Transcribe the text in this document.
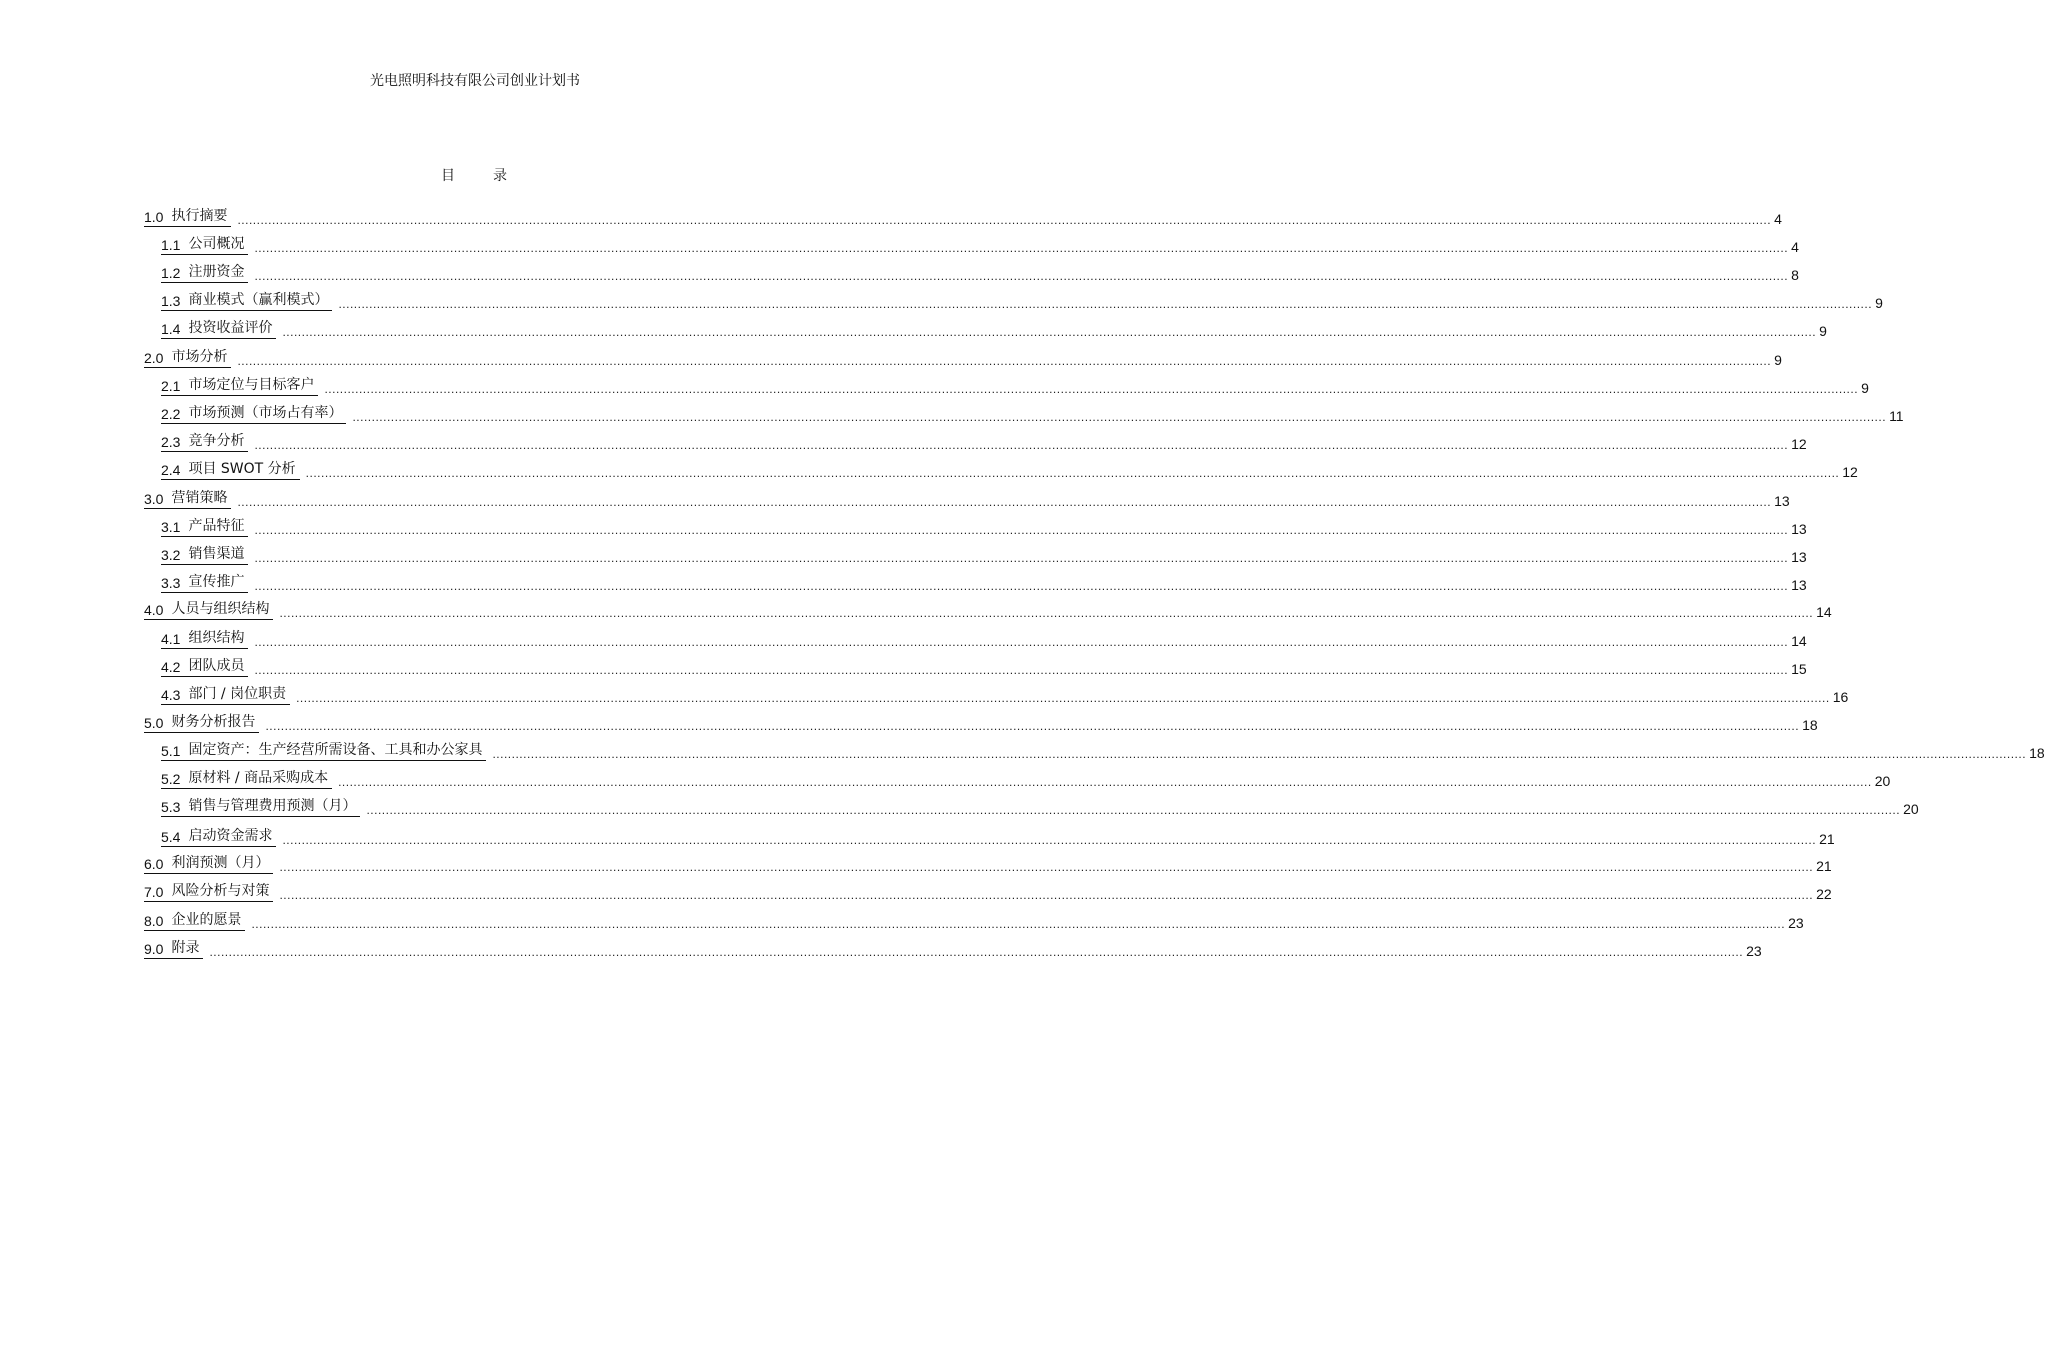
光电照明科技有限公司创业计划书
目	录
1.0 执行摘要 ................................................................................................................................................................................................................................................................................................................................................................................................................ 4
1.1 公司概况 ................................................................................................................................................................................................................................................................................................................................................................................................................ 4
1.2 注册资金 ................................................................................................................................................................................................................................................................................................................................................................................................................ 8
1.3 商业模式（赢利模式） ................................................................................................................................................................................................................................................................................................................................................................................................................ 9
1.4 投资收益评价 ................................................................................................................................................................................................................................................................................................................................................................................................................ 9
2.0 市场分析 ................................................................................................................................................................................................................................................................................................................................................................................................................ 9
2.1 市场定位与目标客户 ................................................................................................................................................................................................................................................................................................................................................................................................................ 9
2.2 市场预测（市场占有率） ................................................................................................................................................................................................................................................................................................................................................................................................................ 11
2.3 竞争分析 ................................................................................................................................................................................................................................................................................................................................................................................................................ 12
2.4 项目 SWOT 分析 ................................................................................................................................................................................................................................................................................................................................................................................................................ 12
3.0 营销策略 ................................................................................................................................................................................................................................................................................................................................................................................................................ 13
3.1 产品特征 ................................................................................................................................................................................................................................................................................................................................................................................................................ 13
3.2 销售渠道 ................................................................................................................................................................................................................................................................................................................................................................................................................ 13
3.3 宣传推广 ................................................................................................................................................................................................................................................................................................................................................................................................................ 13
4.0 人员与组织结构 ................................................................................................................................................................................................................................................................................................................................................................................................................ 14
4.1 组织结构 ................................................................................................................................................................................................................................................................................................................................................................................................................ 14
4.2 团队成员 ................................................................................................................................................................................................................................................................................................................................................................................................................ 15
4.3 部门 / 岗位职责 ................................................................................................................................................................................................................................................................................................................................................................................................................ 16
5.0 财务分析报告 ................................................................................................................................................................................................................................................................................................................................................................................................................ 18
5.1 固定资产：生产经营所需设备、工具和办公家具 ................................................................................................................................................................................................................................................................................................................................................................................................................ 18
5.2 原材料 / 商品采购成本 ................................................................................................................................................................................................................................................................................................................................................................................................................ 20
5.3 销售与管理费用预测（月） ................................................................................................................................................................................................................................................................................................................................................................................................................ 20
5.4 启动资金需求 ................................................................................................................................................................................................................................................................................................................................................................................................................ 21
6.0 利润预测（月） ................................................................................................................................................................................................................................................................................................................................................................................................................ 21
7.0 风险分析与对策 ................................................................................................................................................................................................................................................................................................................................................................................................................ 22
8.0 企业的愿景 ................................................................................................................................................................................................................................................................................................................................................................................................................ 23
9.0 附录 ................................................................................................................................................................................................................................................................................................................................................................................................................ 23
